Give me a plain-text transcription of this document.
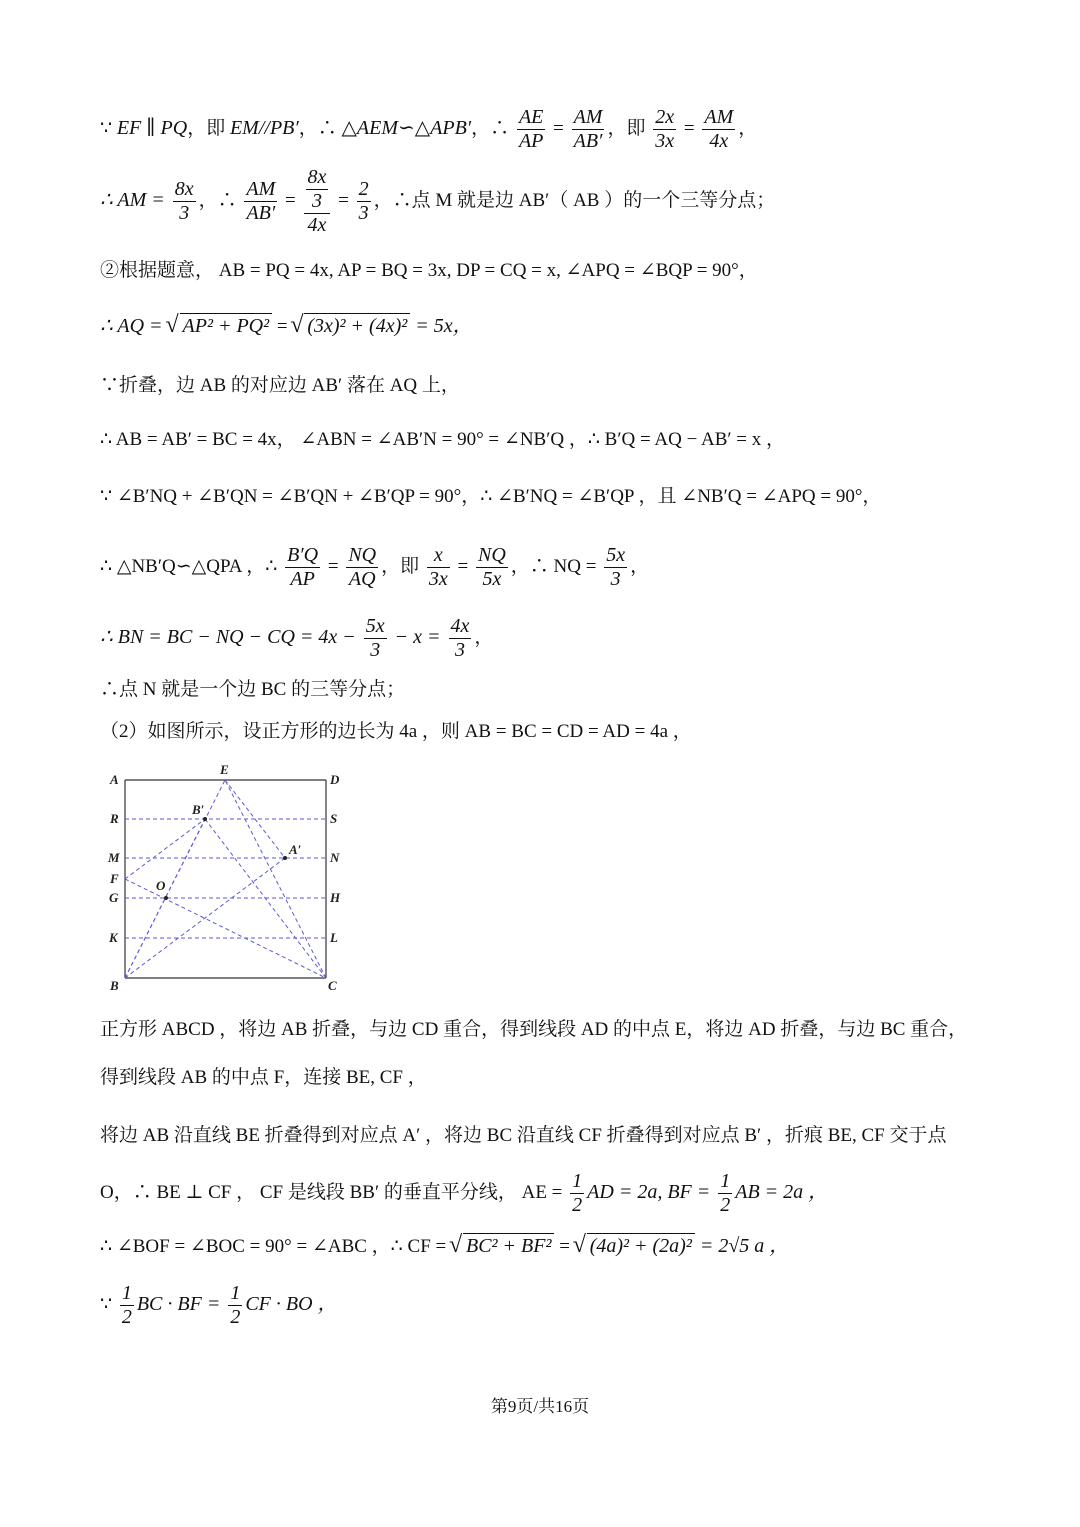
∵ EF ∥ PQ，即 EM//PB′，∴ △AEM∽△APB′，∴ $\frac{AE}{AP} = \frac{AM}{AB'}$ ，即 $\frac{2x}{3x} = \frac{AM}{4x}$ ，
∴ AM = $\frac{8x}{3}$ ，∴ $\frac{AM}{AB'} = \frac{\frac{8x}{3}}{4x} = \frac{2}{3}$ ，∴点 M 就是边 AB′（ AB ）的一个三等分点；
②根据题意， AB = PQ = 4x, AP = BQ = 3x, DP = CQ = x, ∠APQ = ∠BQP = 90°，
∴ AQ = √ AP² + PQ² = √ (3x)² + (4x)² = 5x，
∵折叠，边 AB 的对应边 AB′ 落在 AQ 上，
∴ AB = AB′ = BC = 4x， ∠ABN = ∠AB′N = 90° = ∠NB′Q ，∴ B′Q = AQ − AB′ = x ，
∵ ∠B′NQ + ∠B′QN = ∠B′QN + ∠B′QP = 90°，∴ ∠B′NQ = ∠B′QP ，且 ∠NB′Q = ∠APQ = 90°，
∴ △NB′Q∽△QPA ，∴ $\frac{B'Q}{AP} = \frac{NQ}{AQ}$ ，即 $\frac{x}{3x} = \frac{NQ}{5x}$ ，∴ NQ = $\frac{5x}{3}$ ，
∴ BN = BC − NQ − CQ = $4x - \frac{5x}{3} - x = \frac{4x}{3}$ ，
∴点 N 就是一个边 BC 的三等分点；
（2）如图所示，设正方形的边长为 4a ，则 AB = BC = CD = AD = 4a ，
A
R
M
F
G
K
B
E
D
S
N
H
L
C
B′
A′
O
正方形 ABCD ，将边 AB 折叠，与边 CD 重合，得到线段 AD 的中点 E，将边 AD 折叠，与边 BC 重合，
得到线段 AB 的中点 F，连接 BE, CF ，
将边 AB 沿直线 BE 折叠得到对应点 A′ ，将边 BC 沿直线 CF 折叠得到对应点 B′ ，折痕 BE, CF 交于点
O，∴ BE ⊥ CF ， CF 是线段 BB′ 的垂直平分线， AE = $\frac{1}{2}$ AD = 2a, BF = $\frac{1}{2}$ AB = 2a ，
∴ ∠BOF = ∠BOC = 90° = ∠ABC ，∴ CF = √ BC² + BF² = √ (4a)² + (2a)² = 2√5 a ，
∵ $\frac{1}{2}$ BC · BF = $\frac{1}{2}$ CF · BO ，
第9页/共16页
